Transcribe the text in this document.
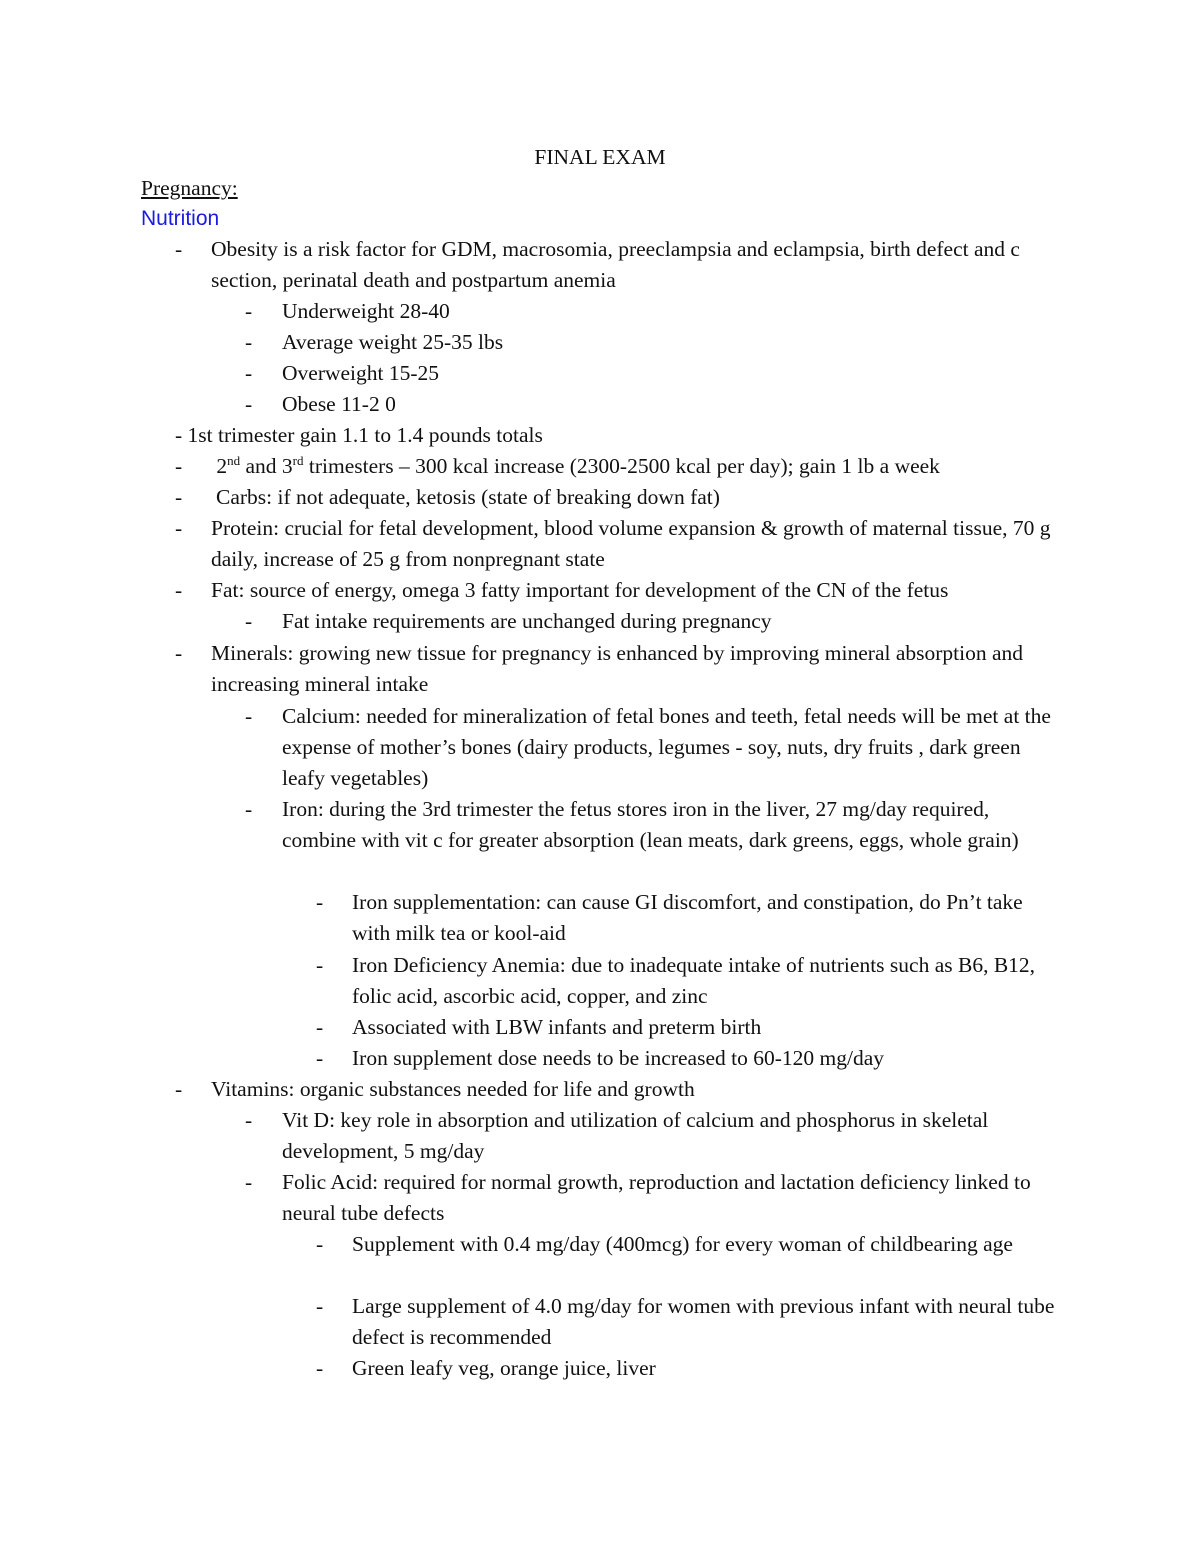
FINAL EXAM
Pregnancy:
Nutrition
-	Obesity is a risk factor for GDM, macrosomia, preeclampsia and eclampsia, birth defect and c section, perinatal death and postpartum anemia
-	Underweight 28-40
-	Average weight 25-35 lbs
-	Overweight 15-25
-	Obese 11-2 0
- 1st trimester gain 1.1 to 1.4 pounds totals
-	2nd and 3rd trimesters – 300 kcal increase (2300-2500 kcal per day); gain 1 lb a week
-	Carbs: if not adequate, ketosis (state of breaking down fat)
-	Protein: crucial for fetal development, blood volume expansion & growth of maternal tissue, 70 g daily, increase of 25 g from nonpregnant state
-	Fat: source of energy, omega 3 fatty important for development of the CN of the fetus
-	Fat intake requirements are unchanged during pregnancy
-	Minerals: growing new tissue for pregnancy is enhanced by improving mineral absorption and increasing mineral intake
-	Calcium: needed for mineralization of fetal bones and teeth, fetal needs will be met at the expense of mother’s bones (dairy products, legumes - soy, nuts, dry fruits , dark green leafy vegetables)
-	Iron: during the 3rd trimester the fetus stores iron in the liver, 27 mg/day required, combine with vit c for greater absorption (lean meats, dark greens, eggs, whole grain)
-	Iron supplementation: can cause GI discomfort, and constipation, do Pn’t take with milk tea or kool-aid
-	Iron Deficiency Anemia: due to inadequate intake of nutrients such as B6, B12, folic acid, ascorbic acid, copper, and zinc
-	Associated with LBW infants and preterm birth
-	Iron supplement dose needs to be increased to 60-120 mg/day
-	Vitamins: organic substances needed for life and growth
-	Vit D: key role in absorption and utilization of calcium and phosphorus in skeletal development, 5 mg/day
-	Folic Acid: required for normal growth, reproduction and lactation deficiency linked to neural tube defects
-	Supplement with 0.4 mg/day (400mcg) for every woman of childbearing age
-	Large supplement of 4.0 mg/day for women with previous infant with neural tube defect is recommended
-	Green leafy veg, orange juice, liver
